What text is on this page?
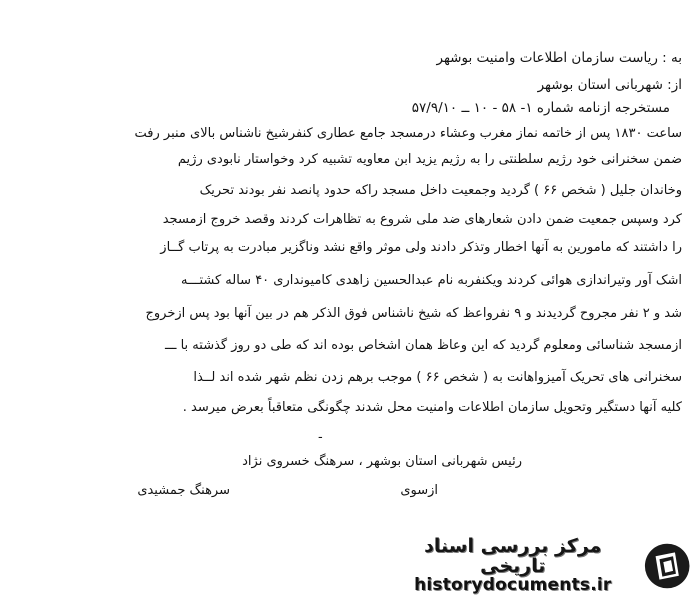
به : ریاست سازمان اطلاعات وامنیت بوشهر
از: شهربانی استان بوشهر
مستخرجه ازنامه شماره ۱- ۵۸ - ۱۰ ــ ۵۷/۹/۱۰
ساعت ۱۸۳۰ پس از خاتمه نماز مغرب وعشاء درمسجد جامع عطاری کنفرشیخ ناشناس بالای منبر رفت
ضمن سخنرانی خود رژیم سلطنتی را به رژیم یزید ابن معاویه تشبیه کرد وخواستار نابودی رژیم
وخاندان جلیل ( شخص ۶۶ ) گردید وجمعیت داخل مسجد راکه حدود پانصد نفر بودند تحریک
کرد وسپس جمعیت ضمن دادن شعارهای ضد ملی شروع به تظاهرات کردند وقصد خروج ازمسجد
را داشتند که مامورین به آنها اخطار وتذکر دادند ولی موثر واقع نشد وناگزیر مبادرت به پرتاب گــاز
اشک آور وتیراندازی هوائی کردند ویکنفربه نام عبدالحسین زاهدی کامیونداری ۴۰ ساله کشتـــه
شد و ۲ نفر مجروح گردیدند و ۹ نفرواعظ که شیخ ناشناس فوق الذکر هم در بین آنها بود پس ازخروج
ازمسجد شناسائی ومعلوم گردید که این وعاظ همان اشخاص بوده اند که طی دو روز گذشته با ـــ
سخنرانی های تحریک آمیزواهانت به ( شخص ۶۶ ) موجب برهم زدن نظم شهر شده اند لــذا
کلیه آنها دستگیر وتحویل سازمان اطلاعات وامنیت محل شدند چگونگی متعاقباً بعرض میرسد .
-
رئیس شهربانی استان بوشهر ، سرهنگ خسروی نژاد
ازسوی
سرهنگ جمشیدی
مرکز بررسی اسناد تاریخی
historydocuments.ir
